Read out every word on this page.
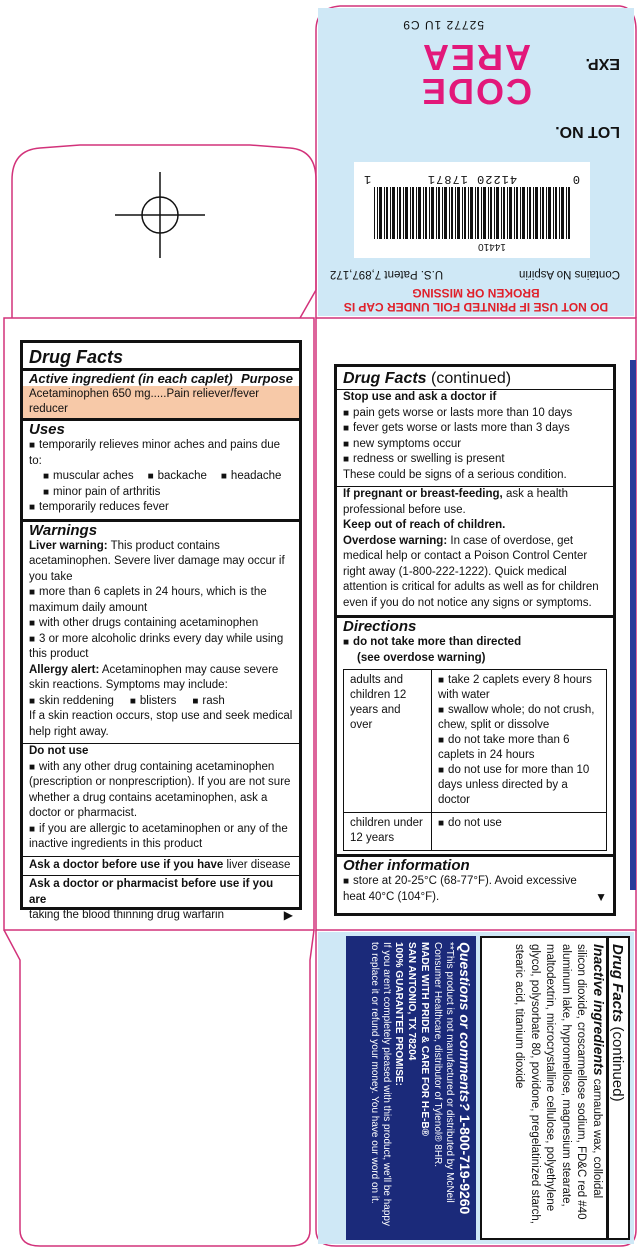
DO NOT USE IF PRINTED FOIL UNDER CAP IS
BROKEN OR MISSING
Contains No Aspirin
U.S. Patent 7,897,172
14410
0
41220 17871
1
LOT NO.
CODE AREA	EXP.
52772 1U C9
Drug Facts
Active ingredient (in each caplet) Purpose
Acetaminophen 650 mg.....Pain reliever/fever reducer
Uses
■ temporarily relieves minor aches and pains due to:
■ muscular aches	■ backache	■ headache
■ minor pain of arthritis
■ temporarily reduces fever
Warnings
Liver warning: This product contains acetaminophen. Severe liver damage may occur if you take
■ more than 6 caplets in 24 hours, which is the maximum daily amount
■ with other drugs containing acetaminophen
■ 3 or more alcoholic drinks every day while using this product
Allergy alert: Acetaminophen may cause severe skin reactions. Symptoms may include:
■ skin reddening	■ blisters	■ rash
If a skin reaction occurs, stop use and seek medical help right away.
Do not use
■ with any other drug containing acetaminophen (prescription or nonprescription). If you are not sure whether a drug contains acetaminophen, ask a doctor or pharmacist.
■ if you are allergic to acetaminophen or any of the inactive ingredients in this product
Ask a doctor before use if you have liver disease
Ask a doctor or pharmacist before use if you are
taking the blood thinning drug warfarin	▶
Drug Facts (continued)
Stop use and ask a doctor if
■ pain gets worse or lasts more than 10 days
■ fever gets worse or lasts more than 3 days
■ new symptoms occur
■ redness or swelling is present
These could be signs of a serious condition.
If pregnant or breast-feeding, ask a health professional before use.
Keep out of reach of children.
Overdose warning: In case of overdose, get medical help or contact a Poison Control Center right away (1-800-222-1222). Quick medical attention is critical for adults as well as for children even if you do not notice any signs or symptoms.
Directions
■ do not take more than directed
(see overdose warning)
adults and children 12 years and over	■ take 2 caplets every 8 hours with water
■ swallow whole; do not crush, chew, split or dissolve
■ do not take more than 6 caplets in 24 hours
■ do not use for more than 10 days unless directed by a doctor

children under 12 years	■ do not use
Other information
■ store at 20-25°C (68-77°F). Avoid excessive heat 40°C (104°F).	▼
Drug Facts (continued)
Inactive ingredients carnauba wax, colloidal silicon dioxide, croscarmellose sodium, FD&C red #40 aluminum lake, hypromellose, magnesium stearate, maltodextrin, microcrystalline cellulose, polyethylene glycol, polysorbate 80, povidone, pregelatinized starch, stearic acid, titanium dioxide
Questions or comments? 1-800-719-9260
**This product is not manufactured or distributed by McNeil Consumer Healthcare, distributor of Tylenol® 8HR.
MADE WITH PRIDE & CARE FOR H-E-B®
SAN ANTONIO, TX 78204
100% GUARANTEE PROMISE:
If you aren't completely pleased with this product, we'll be happy to replace it or refund your money. You have our word on it.
